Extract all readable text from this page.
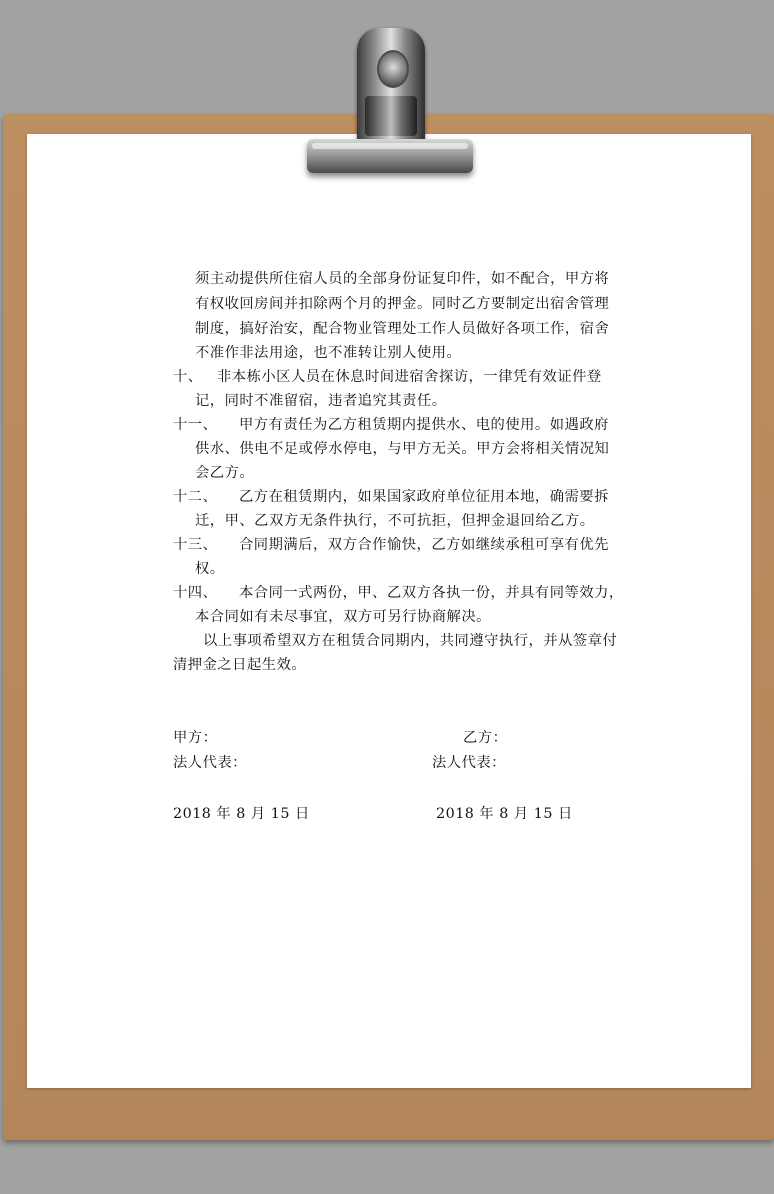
须主动提供所住宿人员的全部身份证复印件，如不配合，甲方将
有权收回房间并扣除两个月的押金。同时乙方要制定出宿舍管理
制度，搞好治安，配合物业管理处工作人员做好各项工作，宿舍
不准作非法用途，也不准转让别人使用。
十、 非本栋小区人员在休息时间进宿舍探访，一律凭有效证件登
记，同时不准留宿，违者追究其责任。
十一、 甲方有责任为乙方租赁期内提供水、电的使用。如遇政府
供水、供电不足或停水停电，与甲方无关。甲方会将相关情况知
会乙方。
十二、 乙方在租赁期内，如果国家政府单位征用本地，确需要拆
迁，甲、乙双方无条件执行，不可抗拒，但押金退回给乙方。
十三、 合同期满后，双方合作愉快，乙方如继续承租可享有优先
权。
十四、 本合同一式两份，甲、乙双方各执一份，并具有同等效力，
本合同如有未尽事宜，双方可另行协商解决。
以上事项希望双方在租赁合同期内，共同遵守执行，并从签章付
清押金之日起生效。
甲方：	乙方：
法人代表：	法人代表：
2018 年 8 月 15 日	2018 年 8 月 15 日
